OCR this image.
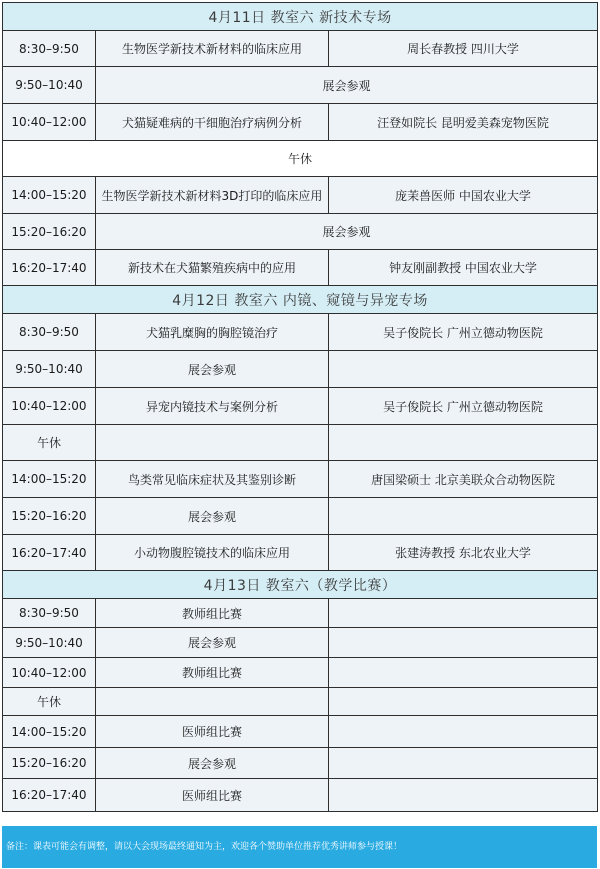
4月11日 教室六 新技术专场		
8:30–9:50	生物医学新技术新材料的临床应用	周长春教授 四川大学
9:50–10:40	展会参观	
10:40–12:00	犬猫疑难病的干细胞治疗病例分析	汪登如院长 昆明爱美森宠物医院
午休		
14:00–15:20	生物医学新技术新材料3D打印的临床应用	庞茉兽医师 中国农业大学
15:20–16:20	展会参观	
16:20–17:40	新技术在犬猫繁殖疾病中的应用	钟友刚副教授 中国农业大学
4月12日 教室六 内镜、窥镜与异宠专场		
8:30–9:50	犬猫乳糜胸的胸腔镜治疗	吴子俊院长 广州立德动物医院
9:50–10:40	展会参观	
10:40–12:00	异宠内镜技术与案例分析	吴子俊院长 广州立德动物医院
午休		
14:00–15:20	鸟类常见临床症状及其鉴别诊断	唐国梁硕士 北京美联众合动物医院
15:20–16:20	展会参观	
16:20–17:40	小动物腹腔镜技术的临床应用	张建涛教授 东北农业大学
4月13日 教室六（教学比赛）		
8:30–9:50	教师组比赛	
9:50–10:40	展会参观	
10:40–12:00	教师组比赛	
午休		
14:00–15:20	医师组比赛	
15:20–16:20	展会参观	
16:20–17:40	医师组比赛	
备注：课表可能会有调整，请以大会现场最终通知为主，欢迎各个赞助单位推荐优秀讲师参与授课！
